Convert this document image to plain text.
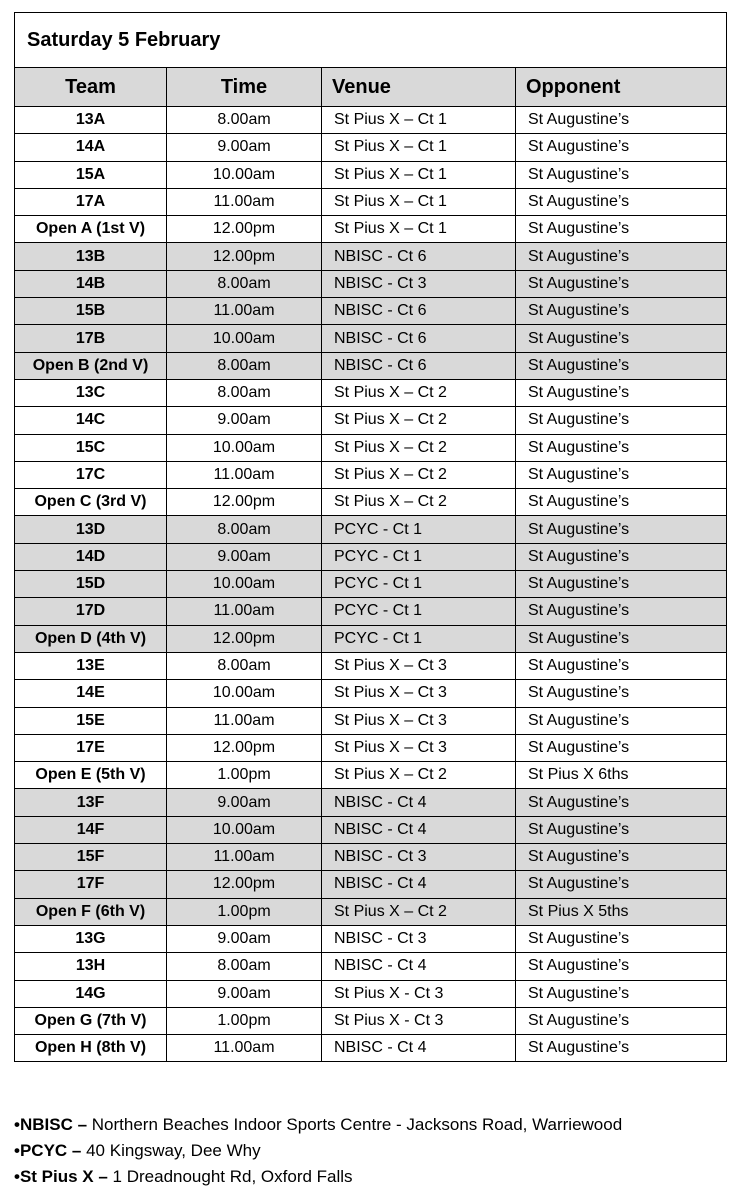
Saturday 5 February			
Team	Time	Venue	Opponent
13A	8.00am	St Pius X – Ct 1	St Augustine’s
14A	9.00am	St Pius X – Ct 1	St Augustine’s
15A	10.00am	St Pius X – Ct 1	St Augustine’s
17A	11.00am	St Pius X – Ct 1	St Augustine’s
Open A (1st V)	12.00pm	St Pius X – Ct 1	St Augustine’s
13B	12.00pm	NBISC - Ct 6	St Augustine’s
14B	8.00am	NBISC - Ct 3	St Augustine’s
15B	11.00am	NBISC - Ct 6	St Augustine’s
17B	10.00am	NBISC - Ct 6	St Augustine’s
Open B (2nd V)	8.00am	NBISC - Ct 6	St Augustine’s
13C	8.00am	St Pius X – Ct 2	St Augustine’s
14C	9.00am	St Pius X – Ct 2	St Augustine’s
15C	10.00am	St Pius X – Ct 2	St Augustine’s
17C	11.00am	St Pius X – Ct 2	St Augustine’s
Open C (3rd V)	12.00pm	St Pius X – Ct 2	St Augustine’s
13D	8.00am	PCYC - Ct 1	St Augustine’s
14D	9.00am	PCYC - Ct 1	St Augustine’s
15D	10.00am	PCYC - Ct 1	St Augustine’s
17D	11.00am	PCYC - Ct 1	St Augustine’s
Open D (4th V)	12.00pm	PCYC - Ct 1	St Augustine’s
13E	8.00am	St Pius X – Ct 3	St Augustine’s
14E	10.00am	St Pius X – Ct 3	St Augustine’s
15E	11.00am	St Pius X – Ct 3	St Augustine’s
17E	12.00pm	St Pius X – Ct 3	St Augustine’s
Open E (5th V)	1.00pm	St Pius X – Ct 2	St Pius X 6ths
13F	9.00am	NBISC - Ct 4	St Augustine’s
14F	10.00am	NBISC - Ct 4	St Augustine’s
15F	11.00am	NBISC - Ct 3	St Augustine’s
17F	12.00pm	NBISC - Ct 4	St Augustine’s
Open F (6th V)	1.00pm	St Pius X – Ct 2	St Pius X 5ths
13G	9.00am	NBISC - Ct 3	St Augustine’s
13H	8.00am	NBISC - Ct 4	St Augustine’s
14G	9.00am	St Pius X - Ct 3	St Augustine’s
Open G (7th V)	1.00pm	St Pius X - Ct 3	St Augustine’s
Open H (8th V)	11.00am	NBISC - Ct 4	St Augustine’s
•NBISC – Northern Beaches Indoor Sports Centre - Jacksons Road, Warriewood
•PCYC – 40 Kingsway, Dee Why
•St Pius X – 1 Dreadnought Rd, Oxford Falls
